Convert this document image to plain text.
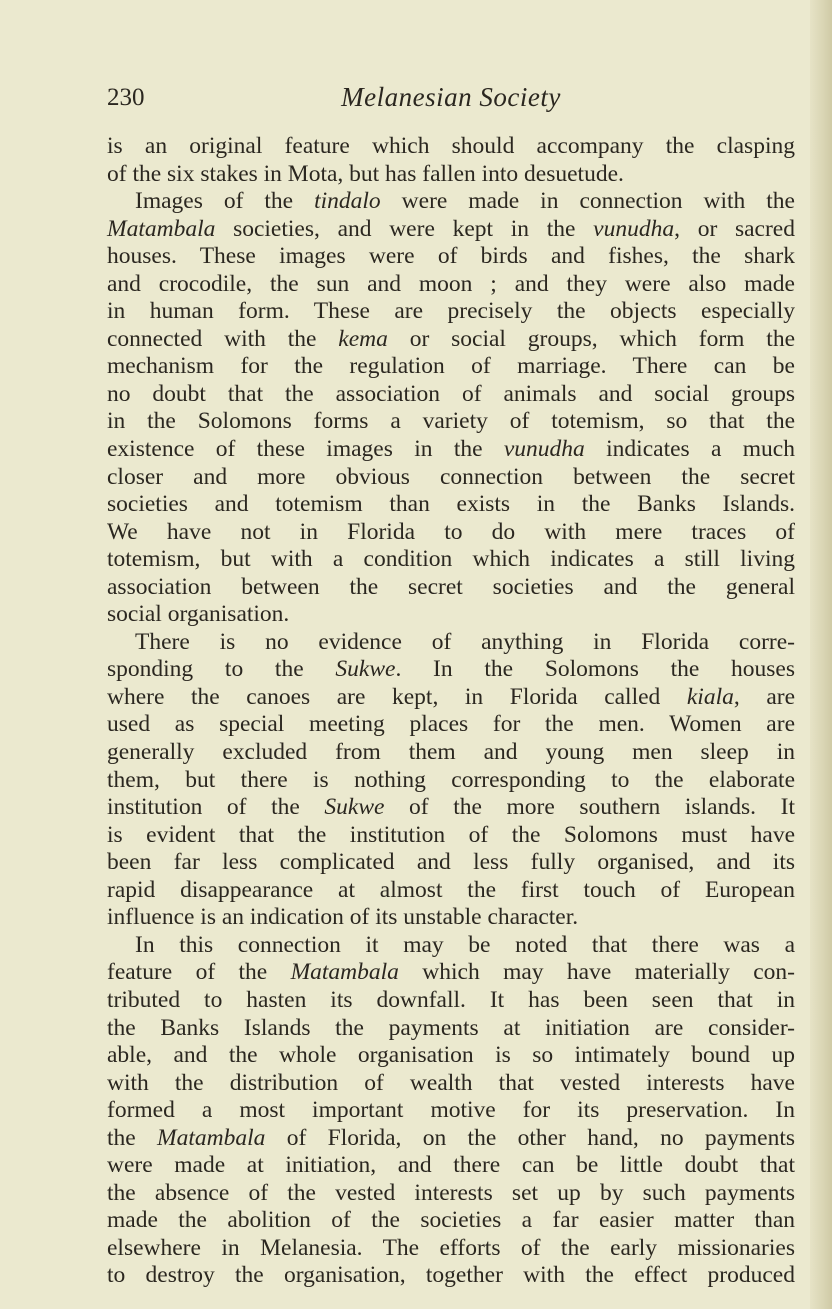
230	Melanesian Society
is an original feature which should accompany the clasping
of the six stakes in Mota, but has fallen into desuetude.
Images of the tindalo were made in connection with the
Matambala societies, and were kept in the vunudha, or sacred
houses. These images were of birds and fishes, the shark
and crocodile, the sun and moon ; and they were also made
in human form. These are precisely the objects especially
connected with the kema or social groups, which form the
mechanism for the regulation of marriage. There can be
no doubt that the association of animals and social groups
in the Solomons forms a variety of totemism, so that the
existence of these images in the vunudha indicates a much
closer and more obvious connection between the secret
societies and totemism than exists in the Banks Islands.
We have not in Florida to do with mere traces of
totemism, but with a condition which indicates a still living
association between the secret societies and the general
social organisation.
There is no evidence of anything in Florida corre-
sponding to the Sukwe. In the Solomons the houses
where the canoes are kept, in Florida called kiala, are
used as special meeting places for the men. Women are
generally excluded from them and young men sleep in
them, but there is nothing corresponding to the elaborate
institution of the Sukwe of the more southern islands. It
is evident that the institution of the Solomons must have
been far less complicated and less fully organised, and its
rapid disappearance at almost the first touch of European
influence is an indication of its unstable character.
In this connection it may be noted that there was a
feature of the Matambala which may have materially con-
tributed to hasten its downfall. It has been seen that in
the Banks Islands the payments at initiation are consider-
able, and the whole organisation is so intimately bound up
with the distribution of wealth that vested interests have
formed a most important motive for its preservation. In
the Matambala of Florida, on the other hand, no payments
were made at initiation, and there can be little doubt that
the absence of the vested interests set up by such payments
made the abolition of the societies a far easier matter than
elsewhere in Melanesia. The efforts of the early missionaries
to destroy the organisation, together with the effect produced
